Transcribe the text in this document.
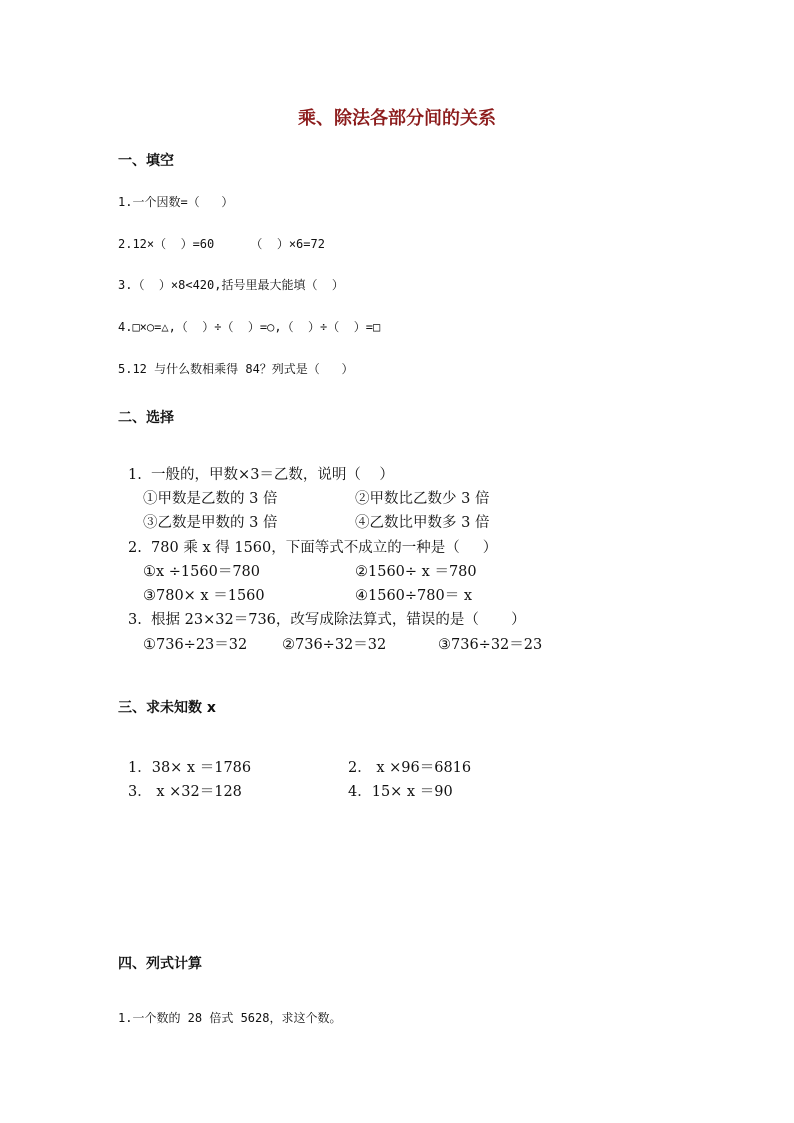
乘、除法各部分间的关系
一、填空
1.一个因数=（   ）
2.12×（  ）=60     （  ）×6=72
3.（  ）×8<420,括号里最大能填（  ）
4.□×○=△,（  ）÷（  ）=○,（  ）÷（  ）=□
5.12 与什么数相乘得 84？列式是（   ）
二、选择
1.  一般的，甲数×3＝乙数，说明（    ）
①甲数是乙数的 3 倍	②甲数比乙数少 3 倍
③乙数是甲数的 3 倍	④乙数比甲数多 3 倍
2.  780 乘 x 得 1560，下面等式不成立的一种是（     ）
①x ÷1560＝780	②1560÷ x ＝780
③780× x ＝1560	④1560÷780＝ x
3.  根据 23×32＝736，改写成除法算式，错误的是（       ）
①736÷23＝32 ②736÷32＝32	③736÷32＝23
三、求未知数 x
1．38× x ＝1786	2． x ×96＝6816
3． x ×32＝128	4．15× x ＝90
四、列式计算
1.一个数的 28 倍式 5628，求这个数。
